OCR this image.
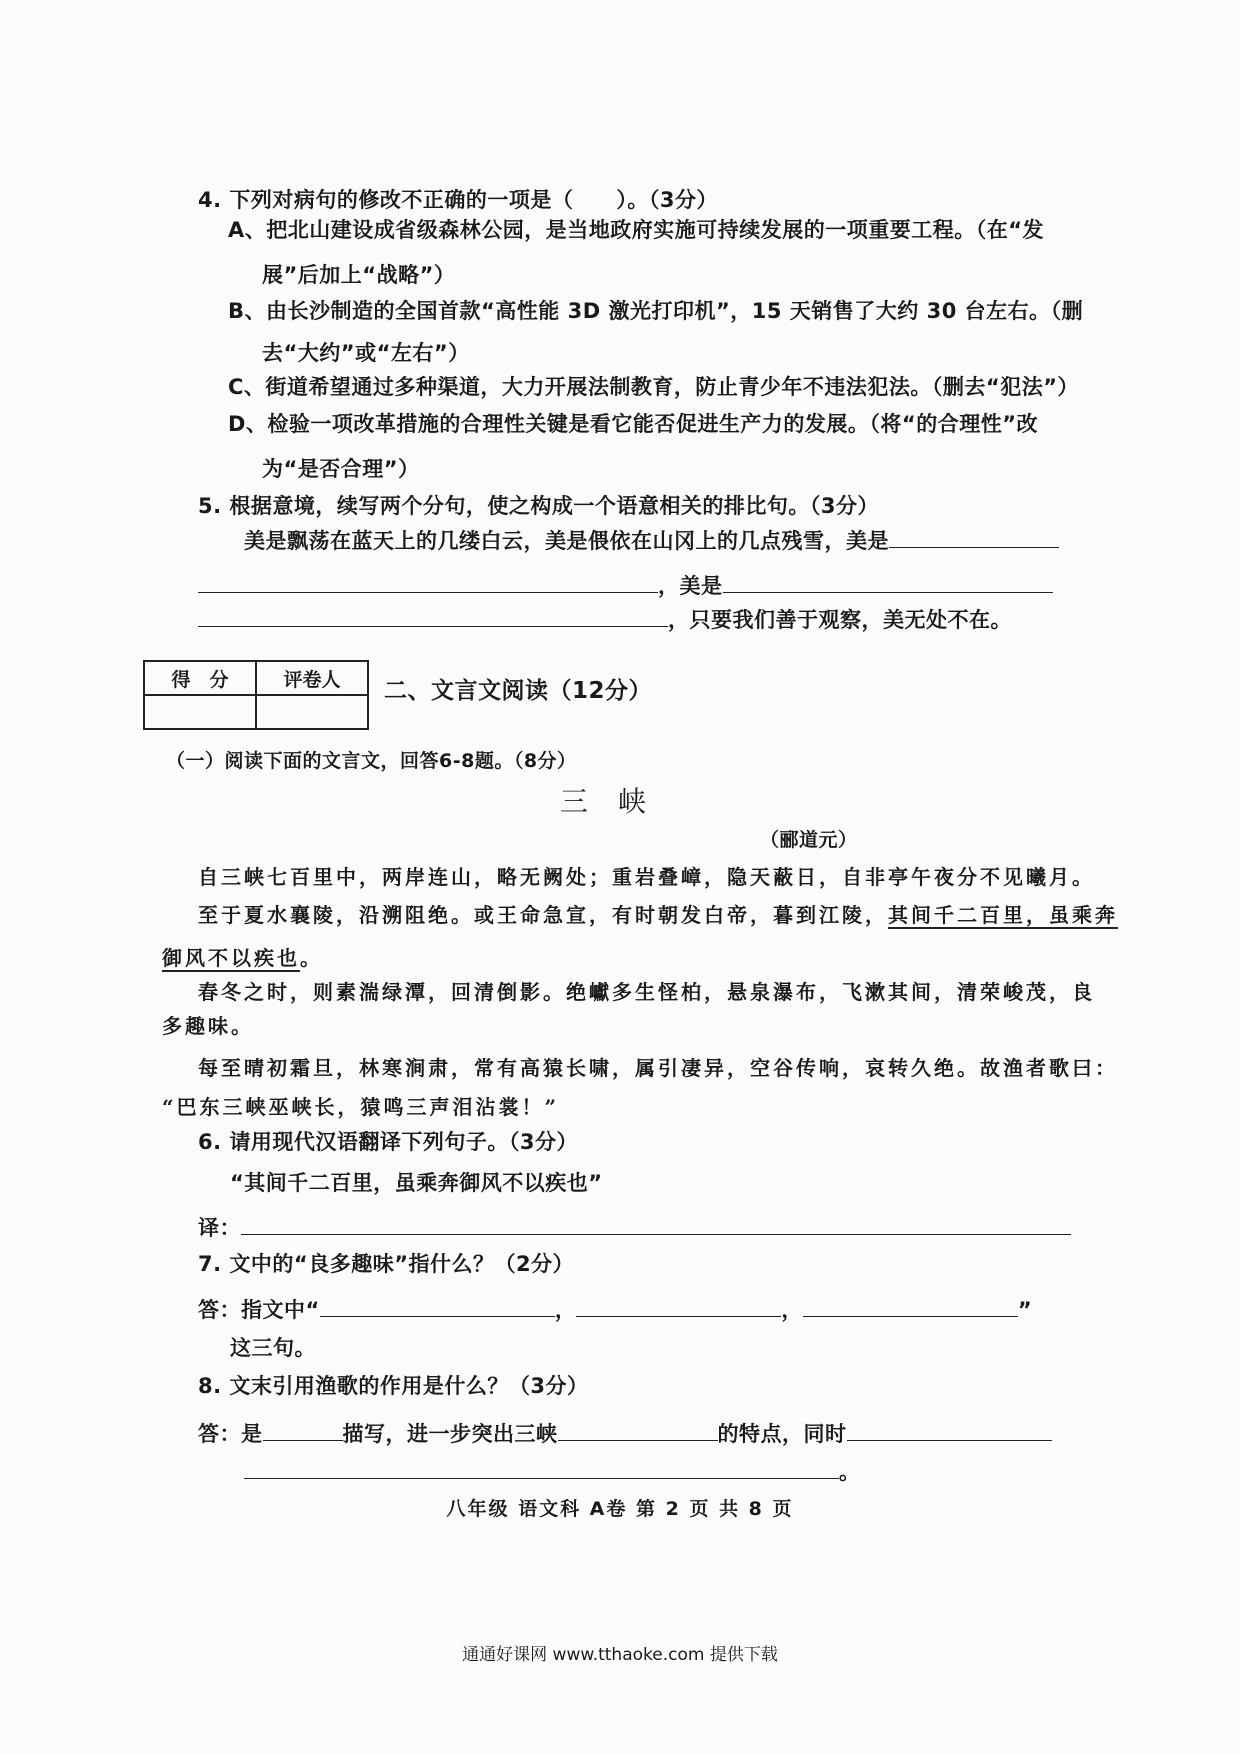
4. 下列对病句的修改不正确的一项是（　　）。（3分）
A、把北山建设成省级森林公园，是当地政府实施可持续发展的一项重要工程。（在“发
展”后加上“战略”）
B、由长沙制造的全国首款“高性能 3D 激光打印机”，15 天销售了大约 30 台左右。（删
去“大约”或“左右”）
C、街道希望通过多种渠道，大力开展法制教育，防止青少年不违法犯法。（删去“犯法”）
D、检验一项改革措施的合理性关键是看它能否促进生产力的发展。（将“的合理性”改
为“是否合理”）
5. 根据意境，续写两个分句，使之构成一个语意相关的排比句。（3分）
美是飘荡在蓝天上的几缕白云，美是偎依在山冈上的几点残雪，美是
，美是
，只要我们善于观察，美无处不在。
得　分	评卷人
	二、文言文阅读（12分）
（一）阅读下面的文言文，回答6-8题。（8分）
三峡
（郦道元）
自三峡七百里中，两岸连山，略无阙处；重岩叠嶂，隐天蔽日，自非亭午夜分不见曦月。
至于夏水襄陵，沿溯阻绝。或王命急宣，有时朝发白帝，暮到江陵，其间千二百里，虽乘奔
御风不以疾也。
春冬之时，则素湍绿潭，回清倒影。绝巘多生怪柏，悬泉瀑布，飞漱其间，清荣峻茂，良
多趣味。
每至晴初霜旦，林寒涧肃，常有高猿长啸，属引凄异，空谷传响，哀转久绝。故渔者歌曰：
“巴东三峡巫峡长，猿鸣三声泪沾裳！”
6. 请用现代汉语翻译下列句子。（3分）
“其间千二百里，虽乘奔御风不以疾也”
译：
7. 文中的“良多趣味”指什么？（2分）
答：指文中“	，	，	”
这三句。
8. 文末引用渔歌的作用是什么？（3分）
答：是	描写，进一步突出三峡	的特点，同时
。
八年级 语文科 A卷 第 2 页 共 8 页
通通好课网 www.tthaoke.com 提供下载
